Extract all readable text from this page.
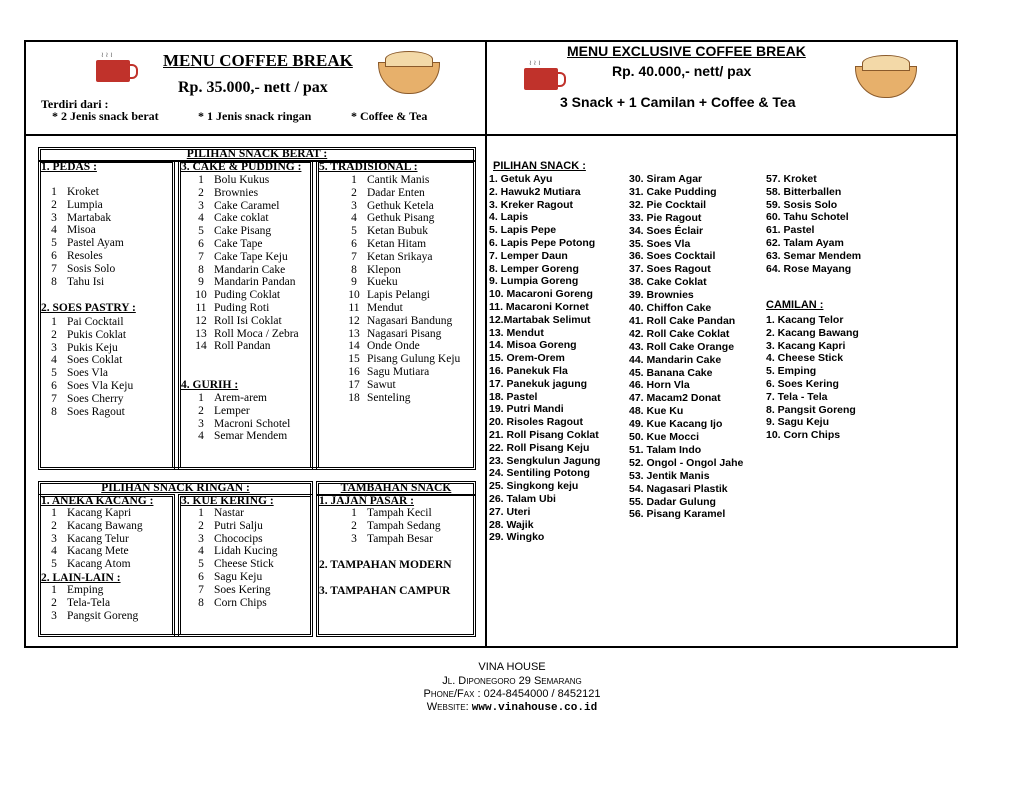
≀ ≀ ≀	MENU COFFEE BREAK
Rp. 35.000,- nett / pax
Terdiri dari :
* 2 Jenis snack berat	* 1 Jenis snack ringan	* Coffee & Tea
PILIHAN SNACK BERAT :
1. PEDAS :
1 Kroket
2 Lumpia
3 Martabak
4 Misoa
5 Pastel Ayam
6 Resoles
7 Sosis Solo
8 Tahu Isi
2. SOES PASTRY :
1 Pai Cocktail
2 Pukis Coklat
3 Pukis Keju
4 Soes Coklat
5 Soes Vla
6 Soes Vla Keju
7 Soes Cherry
8 Soes Ragout
3. CAKE & PUDDING :
1 Bolu Kukus
2 Brownies
3 Cake Caramel
4 Cake coklat
5 Cake Pisang
6 Cake Tape
7 Cake Tape Keju
8 Mandarin Cake
9 Mandarin Pandan
10 Puding Coklat
11 Puding Roti
12 Roll Isi Coklat
13 Roll Moca / Zebra
14 Roll Pandan
4. GURIH :
1 Arem-arem
2 Lemper
3 Macroni Schotel
4 Semar Mendem
5. TRADISIONAL :
1 Cantik Manis
2 Dadar Enten
3 Gethuk Ketela
4 Gethuk Pisang
5 Ketan Bubuk
6 Ketan Hitam
7 Ketan Srikaya
8 Klepon
9 Kueku
10 Lapis Pelangi
11 Mendut
12 Nagasari Bandung
13 Nagasari Pisang
14 Onde Onde
15 Pisang Gulung Keju
16 Sagu Mutiara
17 Sawut
18 Senteling
PILIHAN SNACK RINGAN :	TAMBAHAN SNACK
1. ANEKA KACANG :
1 Kacang Kapri
2 Kacang Bawang
3 Kacang Telur
4 Kacang Mete
5 Kacang Atom
2. LAIN-LAIN :
1 Emping
2 Tela-Tela
3 Pangsit Goreng
3. KUE KERING :
1 Nastar
2 Putri Salju
3 Chococips
4 Lidah Kucing
5 Cheese Stick
6 Sagu Keju
7 Soes Kering
8 Corn Chips
1. JAJAN PASAR :
1 Tampah Kecil
2 Tampah Sedang
3 Tampah Besar
2. TAMPAHAN MODERN
3. TAMPAHAN CAMPUR
≀ ≀ ≀
MENU EXCLUSIVE COFFEE BREAK
Rp. 40.000,- nett/ pax
3 Snack + 1 Camilan + Coffee & Tea
PILIHAN SNACK :
CAMILAN :
1. Getuk Ayu
2. Hawuk2 Mutiara
3. Kreker Ragout
4. Lapis
5. Lapis Pepe
6. Lapis Pepe Potong
7. Lemper Daun
8. Lemper Goreng
9. Lumpia Goreng
10. Macaroni Goreng
11. Macaroni Kornet
12.Martabak Selimut
13. Mendut
14. Misoa Goreng
15. Orem-Orem
16. Panekuk Fla
17. Panekuk jagung
18. Pastel
19. Putri Mandi
20. Risoles Ragout
21. Roll Pisang Coklat
22. Roll Pisang Keju
23. Sengkulun Jagung
24. Sentiling Potong
25. Singkong keju
26. Talam Ubi
27. Uteri
28. Wajik
29. Wingko
30. Siram Agar
31. Cake Pudding
32. Pie Cocktail
33. Pie Ragout
34. Soes Éclair
35. Soes Vla
36. Soes Cocktail
37. Soes Ragout
38. Cake Coklat
39. Brownies
40. Chiffon Cake
41. Roll Cake Pandan
42. Roll Cake Coklat
43. Roll Cake Orange
44. Mandarin Cake
45. Banana Cake
46. Horn Vla
47. Macam2 Donat
48. Kue Ku
49. Kue Kacang Ijo
50. Kue Mocci
51. Talam Indo
52. Ongol - Ongol Jahe
53. Jentik Manis
54. Nagasari Plastik
55. Dadar Gulung
56. Pisang Karamel
57. Kroket
58. Bitterballen
59. Sosis Solo
60. Tahu Schotel
61. Pastel
62. Talam Ayam
63. Semar Mendem
64. Rose Mayang
1. Kacang Telor
2. Kacang Bawang
3. Kacang Kapri
4. Cheese Stick
5. Emping
6. Soes Kering
7. Tela - Tela
8. Pangsit Goreng
9. Sagu Keju
10. Corn Chips
VINA HOUSE
Jl. Diponegoro 29 Semarang
Phone/Fax : 024-8454000 / 8452121
Website: www.vinahouse.co.id
